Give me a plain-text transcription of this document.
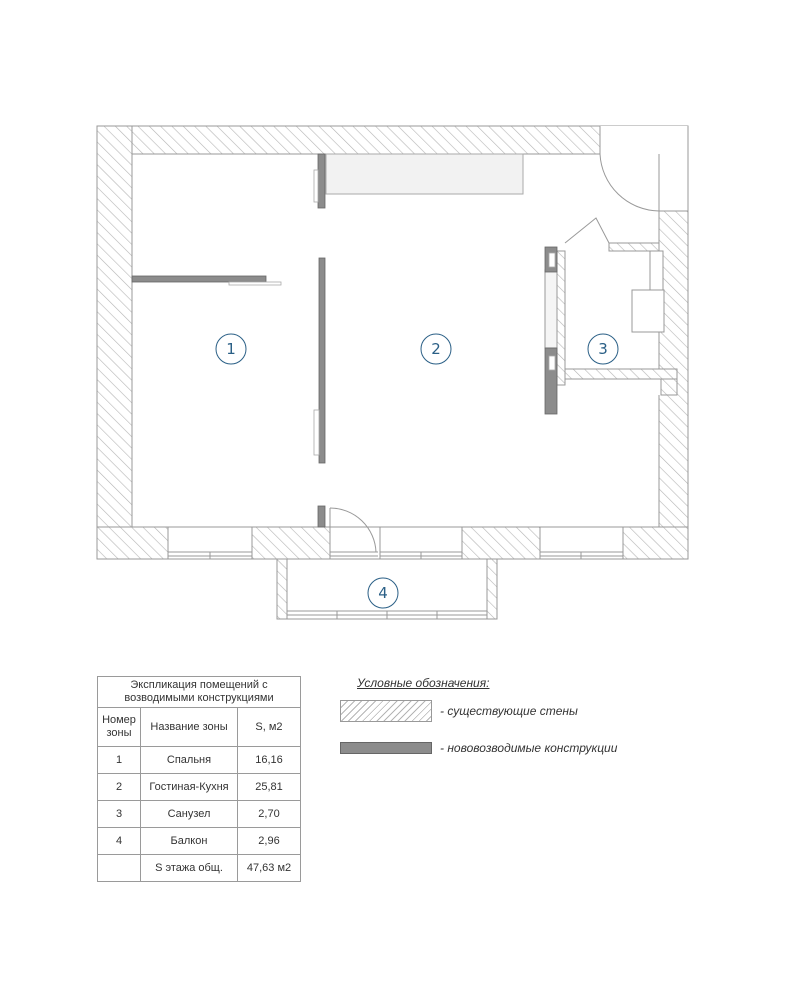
1	2	3
4
Экспликация помещений с возводимыми конструкциями
Номер зоны	Название зоны	S, м2
1	Спальня	16,16
2	Гостиная-Кухня	25,81
3	Санузел	2,70
4	Балкон	2,96
	S этажа общ.	47,63 м2
Условные обозначения:
- существующие стены
- нововозводимые конструкции
